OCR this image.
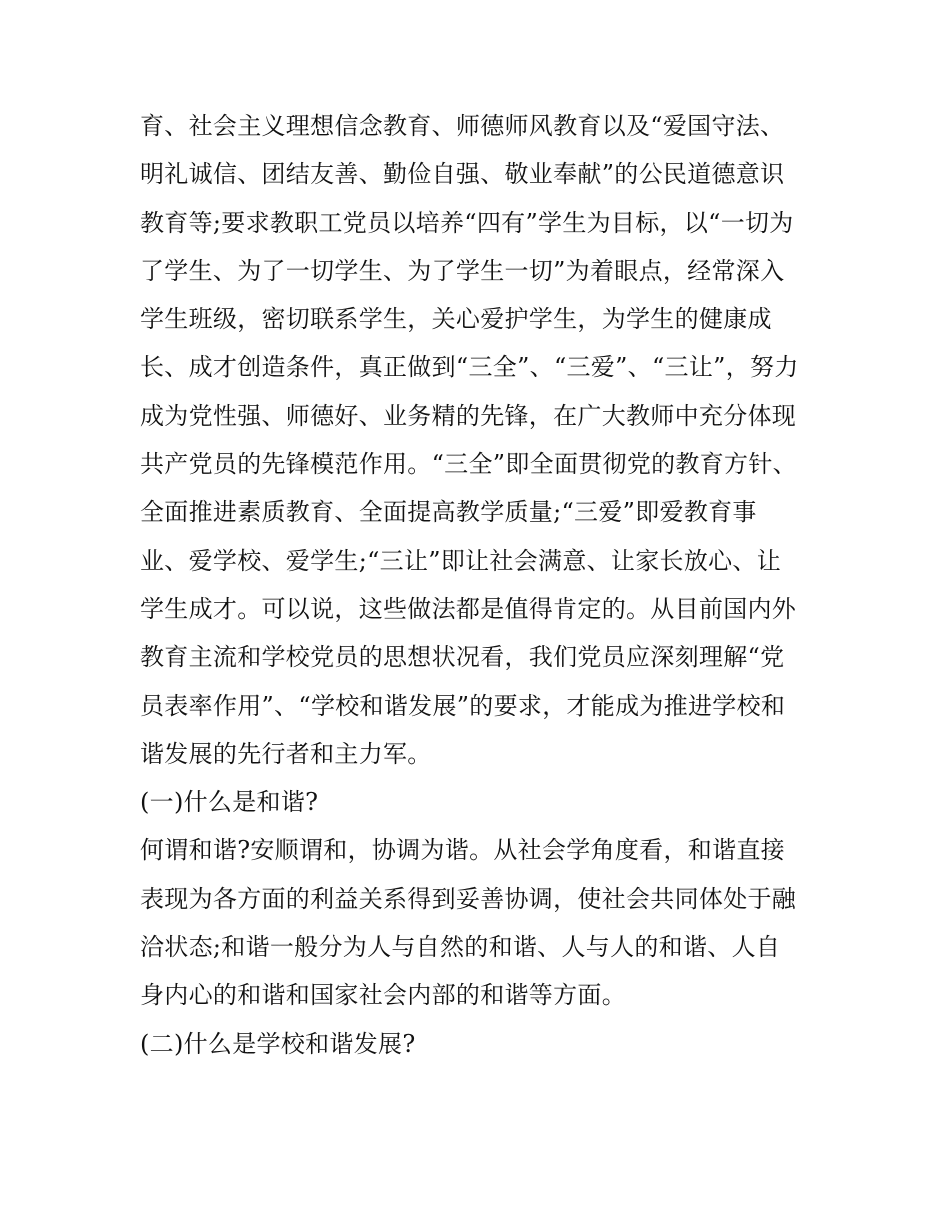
育、社会主义理想信念教育、师德师风教育以及“爱国守法、
明礼诚信、团结友善、勤俭自强、敬业奉献”的公民道德意识
教育等;要求教职工党员以培养“四有”学生为目标，以“一切为
了学生、为了一切学生、为了学生一切”为着眼点，经常深入
学生班级，密切联系学生，关心爱护学生，为学生的健康成
长、成才创造条件，真正做到“三全”、“三爱”、“三让”，努力
成为党性强、师德好、业务精的先锋，在广大教师中充分体现
共产党员的先锋模范作用。“三全”即全面贯彻党的教育方针、
全面推进素质教育、全面提高教学质量;“三爱”即爱教育事
业、爱学校、爱学生;“三让”即让社会满意、让家长放心、让
学生成才。可以说，这些做法都是值得肯定的。从目前国内外
教育主流和学校党员的思想状况看，我们党员应深刻理解“党
员表率作用”、“学校和谐发展”的要求，才能成为推进学校和
谐发展的先行者和主力军。
(一)什么是和谐?
何谓和谐?安顺谓和，协调为谐。从社会学角度看，和谐直接
表现为各方面的利益关系得到妥善协调，使社会共同体处于融
洽状态;和谐一般分为人与自然的和谐、人与人的和谐、人自
身内心的和谐和国家社会内部的和谐等方面。
(二)什么是学校和谐发展?
